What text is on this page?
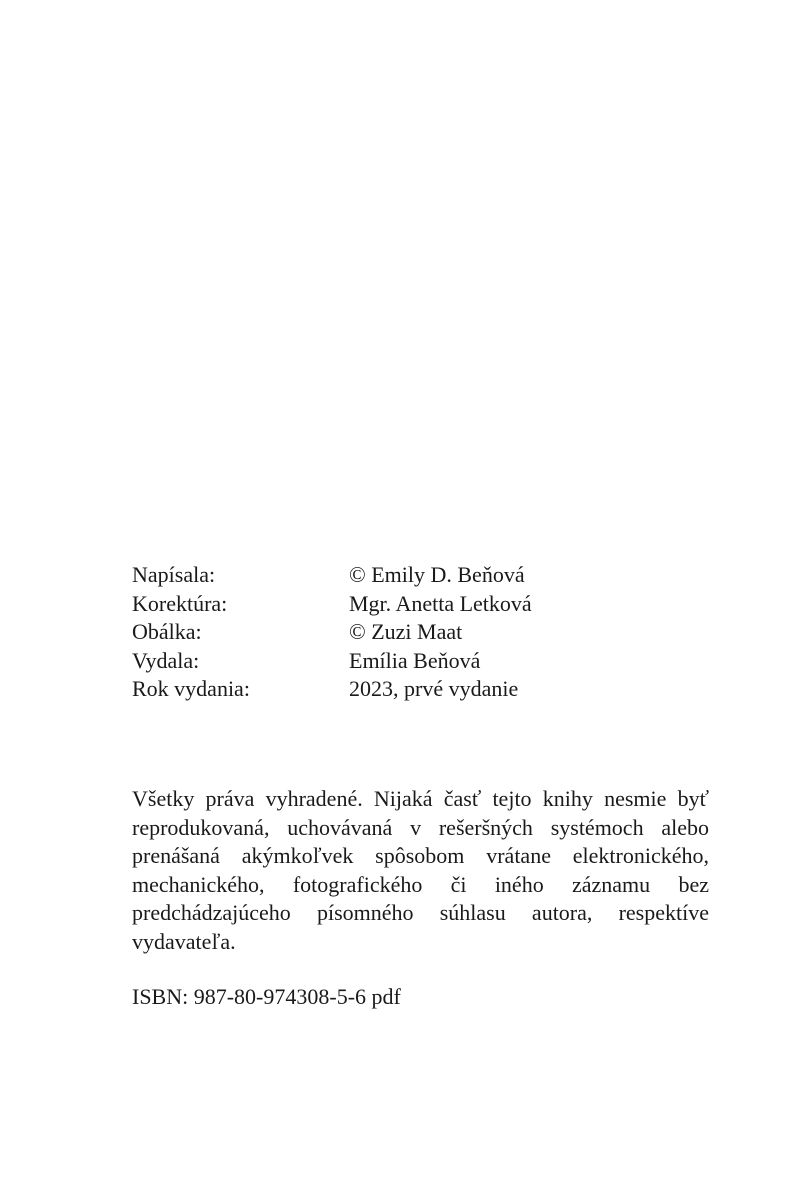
Napísala:	© Emily D. Beňová
Korektúra:	Mgr. Anetta Letková
Obálka:	© Zuzi Maat
Vydala:	Emília Beňová
Rok vydania:	2023, prvé vydanie

Všetky práva vyhradené. Nijaká časť tejto knihy nesmie byť reprodukovaná, uchovávaná v rešeršných systémoch alebo prenášaná akýmkoľvek spôsobom vrátane elektronického, mechanického, fotografického či iného záznamu bez predchádzajúceho písomného súhlasu autora, respektíve vydavateľa.

ISBN: 987-80-974308-5-6 pdf
